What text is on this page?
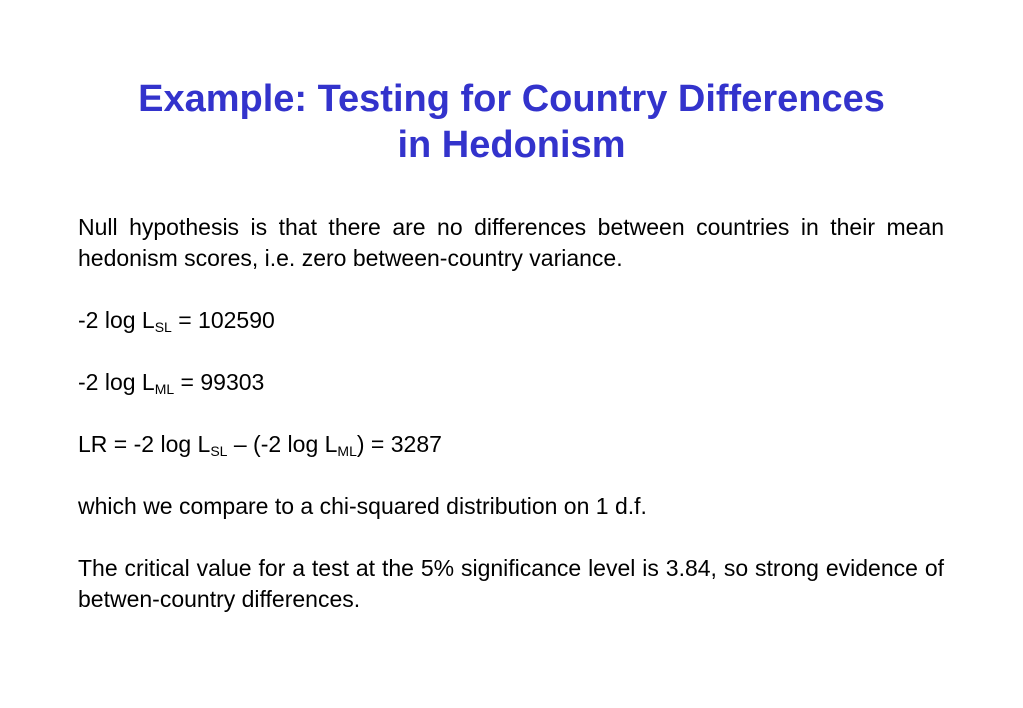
Example: Testing for Country Differences
in Hedonism

Null hypothesis is that there are no differences between countries in their mean hedonism scores, i.e. zero between-country variance.

-2 $\log L_{SL} = 102590$

-2 $\log L_{ML} = 99303$

LR = -2 $\log L_{SL} - (-2$ $\log L_{ML}) = 3287$

which we compare to a chi-squared distribution on 1 d.f.

The critical value for a test at the 5% significance level is 3.84, so strong evidence of betwen-country differences.
